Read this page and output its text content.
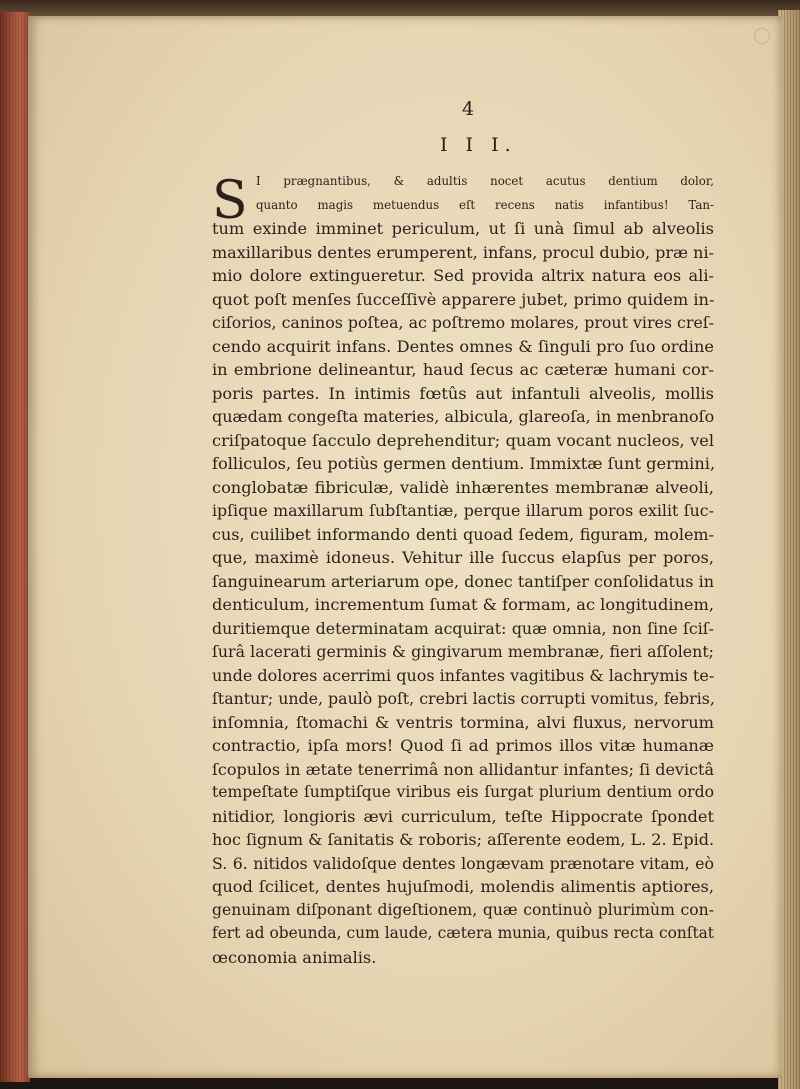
4
I I I.
S I prægnantibus, & adultis nocet acutus dentium dolor,
quanto magis metuendus eſt recens natis infantibus! Tan-
tum exinde imminet periculum, ut ſi unà ſimul ab alveolis
maxillaribus dentes erumperent, infans, procul dubio, præ ni-
mio dolore extingueretur. Sed provida altrix natura eos ali-
quot poſt menſes ſucceſſivè apparere jubet, primo quidem in-
ciſorios, caninos poſtea, ac poſtremo molares, prout vires creſ-
cendo acquirit infans. Dentes omnes & ſinguli pro ſuo ordine
in embrione delineantur, haud ſecus ac cæteræ humani cor-
poris partes. In intimis fœtûs aut infantuli alveolis, mollis
quædam congeſta materies, albicula, glareoſa, in menbranoſo
criſpatoque ſacculo deprehenditur; quam vocant nucleos, vel
folliculos, ſeu potiùs germen dentium. Immixtæ ſunt germini,
conglobatæ fibriculæ, validè inhærentes membranæ alveoli,
ipſique maxillarum ſubſtantiæ, perque illarum poros exilit ſuc-
cus, cuilibet informando denti quoad ſedem, figuram, molem-
que, maximè idoneus. Vehitur ille ſuccus elapſus per poros,
ſanguinearum arteriarum ope, donec tantiſper conſolidatus in
denticulum, incrementum ſumat & formam, ac longitudinem,
duritiemque determinatam acquirat: quæ omnia, non ſine ſciſ-
ſurâ lacerati germinis & gingivarum membranæ, fieri aſſolent;
unde dolores acerrimi quos infantes vagitibus & lachrymis te-
ſtantur; unde, paulò poſt, crebri lactis corrupti vomitus, febris,
inſomnia, ſtomachi & ventris tormina, alvi fluxus, nervorum
contractio, ipſa mors! Quod ſi ad primos illos vitæ humanæ
ſcopulos in ætate tenerrimâ non allidantur infantes; ſi devictâ
tempeſtate ſumptiſque viribus eis ſurgat plurium dentium ordo
nitidior, longioris ævi curriculum, teſte Hippocrate ſpondet
hoc ſignum & ſanitatis & roboris; aſſerente eodem, L. 2. Epid.
S. 6. nitidos validoſque dentes longævam prænotare vitam, eò
quod ſcilicet, dentes hujuſmodi, molendis alimentis aptiores,
genuinam diſponant digeſtionem, quæ continuò plurimùm con-
fert ad obeunda, cum laude, cætera munia, quibus recta conſtat
œconomia animalis.
